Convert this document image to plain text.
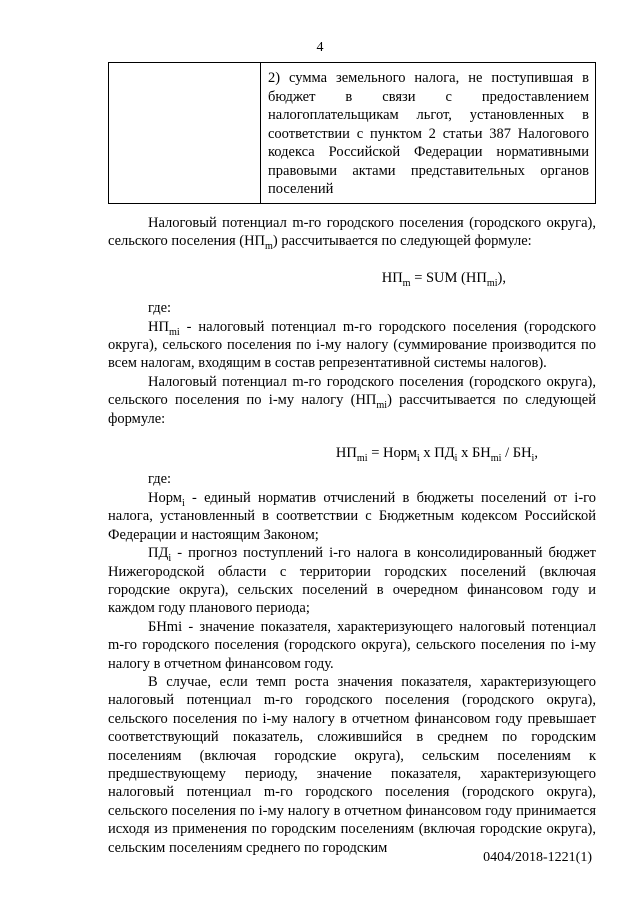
4
2) сумма земельного налога, не поступившая в бюджет в связи с предоставлением налогоплательщикам льгот, установленных в соответствии с пунктом 2 статьи 387 Налогового кодекса Российской Федерации нормативными правовыми актами представительных органов поселений

Налоговый потенциал m-го городского поселения (городского округа), сельского поселения $(НП_m)$ рассчитывается по следующей формуле:

$НП_m$ = SUM $(НП_{mi})$,

где:

$НП_{mi}$ - налоговый потенциал m-го городского поселения (городского округа), сельского поселения по i-му налогу (суммирование производится по всем налогам, входящим в состав репрезентативной системы налогов).

Налоговый потенциал m-го городского поселения (городского округа), сельского поселения по i-му налогу $(НП_{mi})$ рассчитывается по следующей формуле:

$НП_{mi}$ = Норм$_i$ х $ПД_i$ х $БН_{mi} / БН_i$,

где:

Норм$_i$ - единый норматив отчислений в бюджеты поселений от i-го налога, установленный в соответствии с Бюджетным кодексом Российской Федерации и настоящим Законом;

$ПД_i$ - прогноз поступлений i-го налога в консолидированный бюджет Нижегородской области с территории городских поселений (включая городские округа), сельских поселений в очередном финансовом году и каждом году планового периода;

БНmi - значение показателя, характеризующего налоговый потенциал m-го городского поселения (городского округа), сельского поселения по i-му налогу в отчетном финансовом году.

В случае, если темп роста значения показателя, характеризующего налоговый потенциал m-го городского поселения (городского округа), сельского поселения по i-му налогу в отчетном финансовом году превышает соответствующий показатель, сложившийся в среднем по городским поселениям (включая городские округа), сельским поселениям к предшествующему периоду, значение показателя, характеризующего налоговый потенциал m-го городского поселения (городского округа), сельского поселения по i-му налогу в отчетном финансовом году принимается исходя из применения по городским поселениям (включая городские округа), сельским поселениям среднего по городским

0404/2018-1221(1)
